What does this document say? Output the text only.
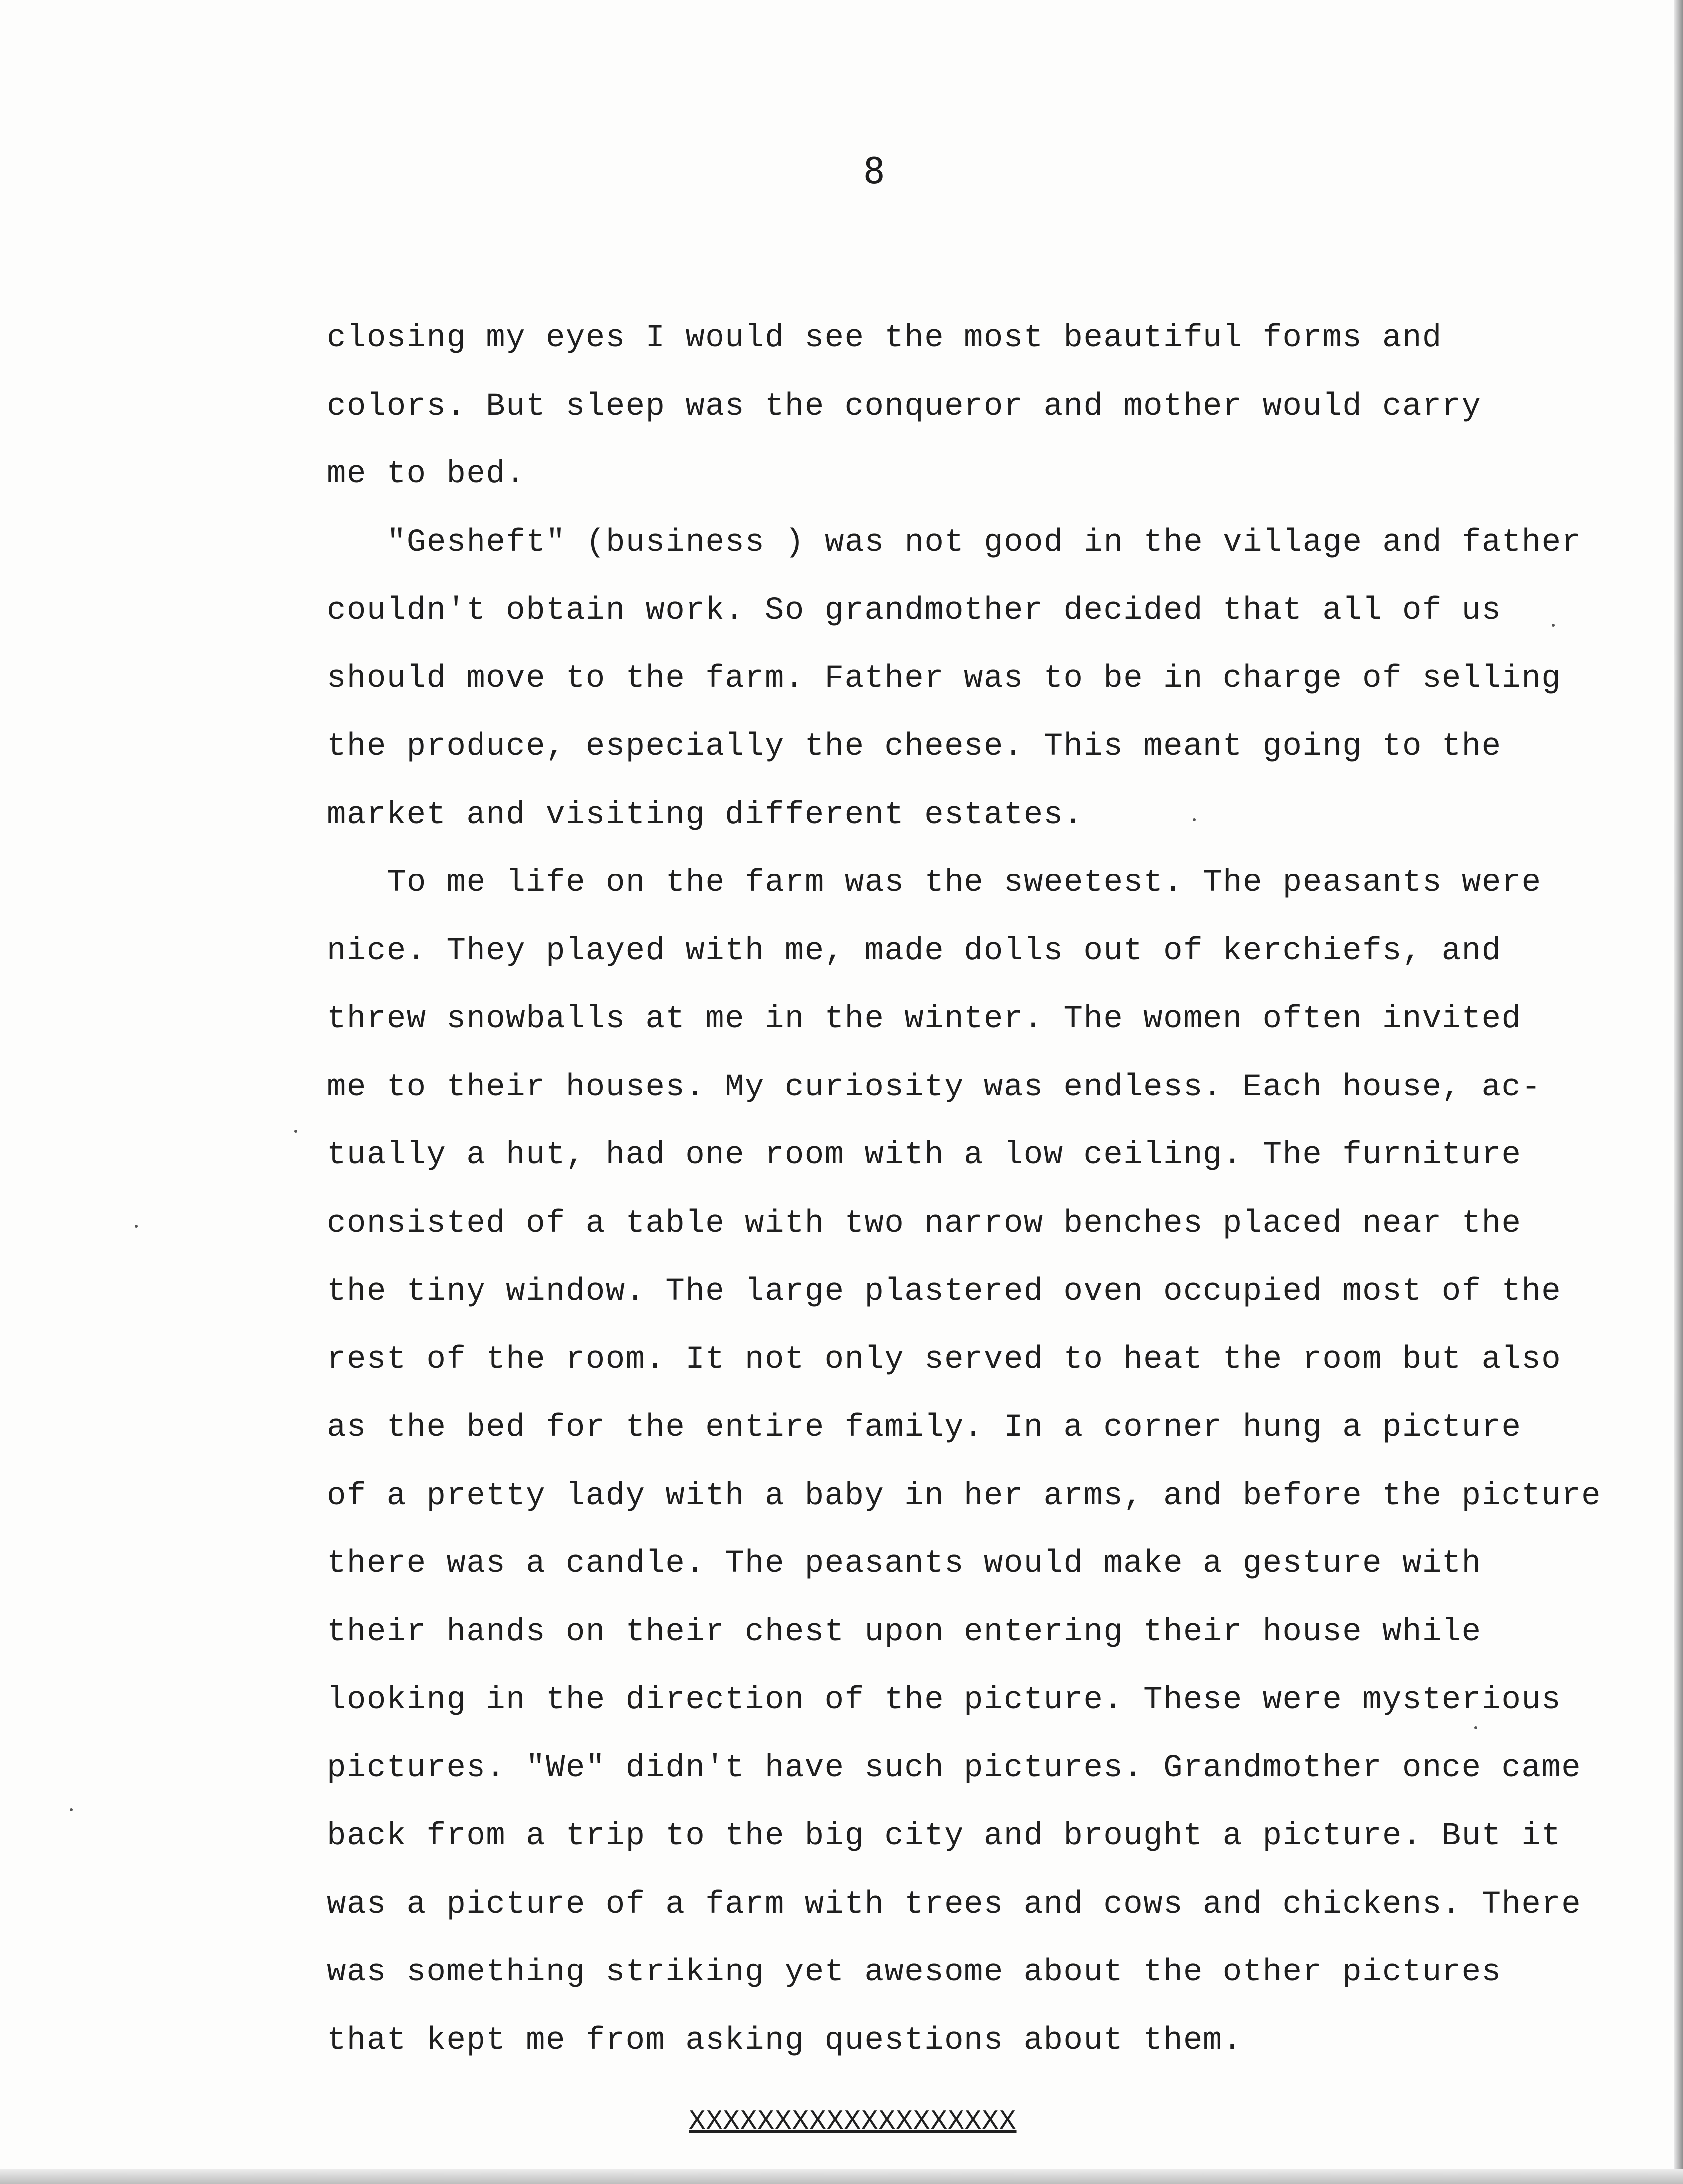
8
closing my eyes I would see the most beautiful forms and
colors. But sleep was the conqueror and mother would carry
me to bed.
"Gesheft" (business ) was not good in the village and father
couldn't obtain work. So grandmother decided that all of us
should move to the farm. Father was to be in charge of selling
the produce, especially the cheese. This meant going to the
market and visiting different estates.
To me life on the farm was the sweetest. The peasants were
nice. They played with me, made dolls out of kerchiefs, and
threw snowballs at me in the winter. The women often invited
me to their houses. My curiosity was endless. Each house, ac-
tually a hut, had one room with a low ceiling. The furniture
consisted of a table with two narrow benches placed near the
the tiny window. The large plastered oven occupied most of the
rest of the room. It not only served to heat the room but also
as the bed for the entire family. In a corner hung a picture
of a pretty lady with a baby in her arms, and before the picture
there was a candle. The peasants would make a gesture with
their hands on their chest upon entering their house while
looking in the direction of the picture. These were mysterious
pictures. "We" didn't have such pictures. Grandmother once came
back from a trip to the big city and brought a picture. But it
was a picture of a farm with trees and cows and chickens. There
was something striking yet awesome about the other pictures
that kept me from asking questions about them.
XXXXXXXXXXXXXXXXXXX
